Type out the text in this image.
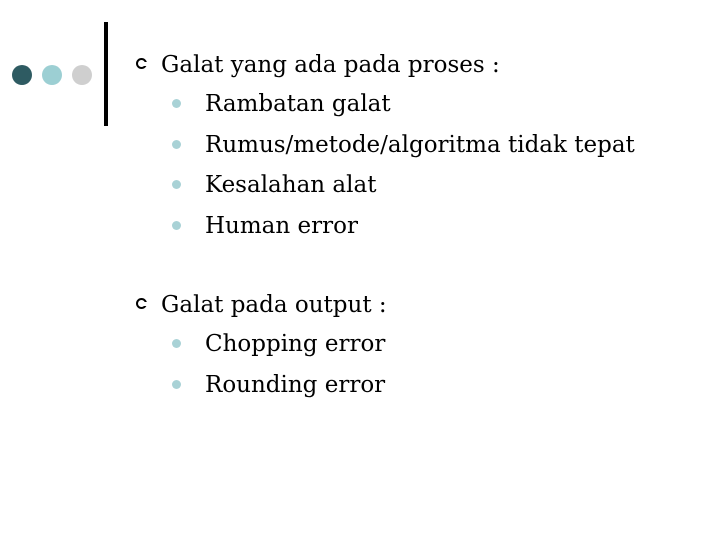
Galat yang ada pada proses :
Rambatan galat
Rumus/metode/algoritma tidak tepat
Kesalahan alat
Human error
Galat pada output :
Chopping error
Rounding error
